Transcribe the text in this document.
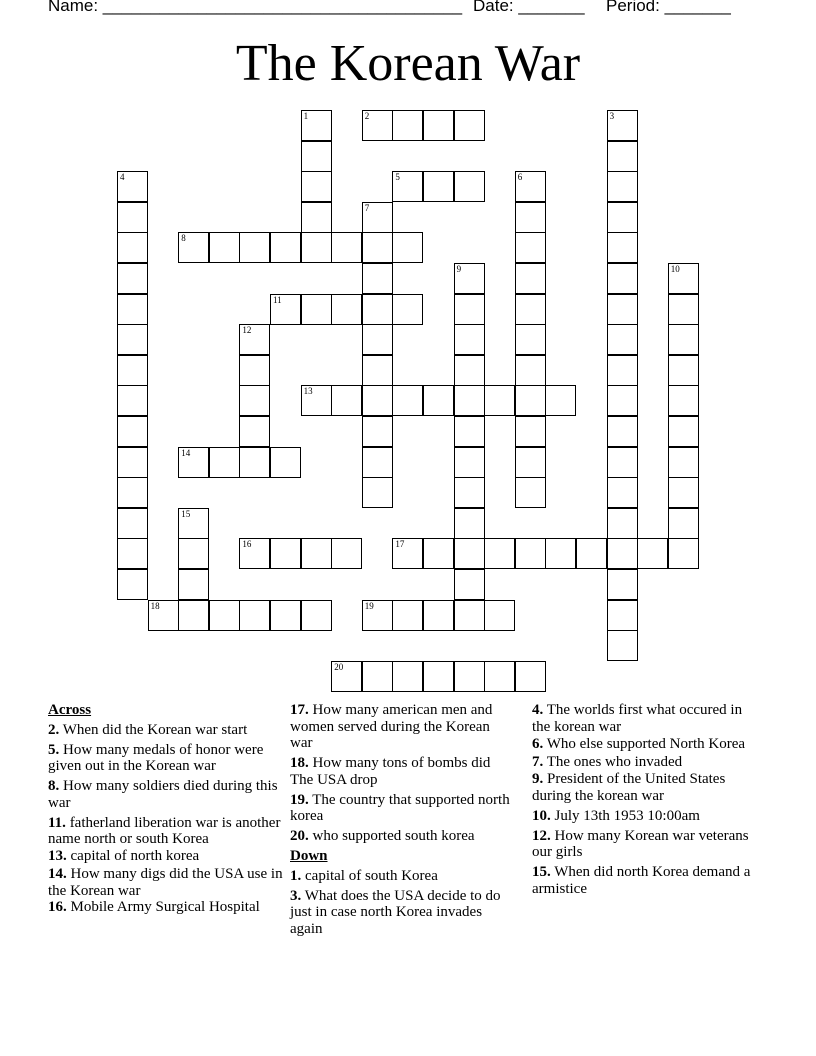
Name: ______________________________________ Date: _______ Period: _______
The Korean War
1	2	3
4	5	6
7
8
9	10
11
12
13
14
15
16	17
18	19
20
Across
2. When did the Korean war start
5. How many medals of honor were given out in the Korean war
8. How many soldiers died during this war
11. fatherland liberation war is another name north or south Korea
13. capital of north korea
14. How many digs did the USA use in the Korean war
16. Mobile Army Surgical Hospital
17. How many american men and women served during the Korean war
18. How many tons of bombs did The USA drop
19. The country that supported north korea
20. who supported south korea
Down
1. capital of south Korea
3. What does the USA decide to do just in case north Korea invades again
4. The worlds first what occured in the korean war
6. Who else supported North Korea
7. The ones who invaded
9. President of the United States during the korean war
10. July 13th 1953 10:00am
12. How many Korean war veterans our girls
15. When did north Korea demand a armistice
